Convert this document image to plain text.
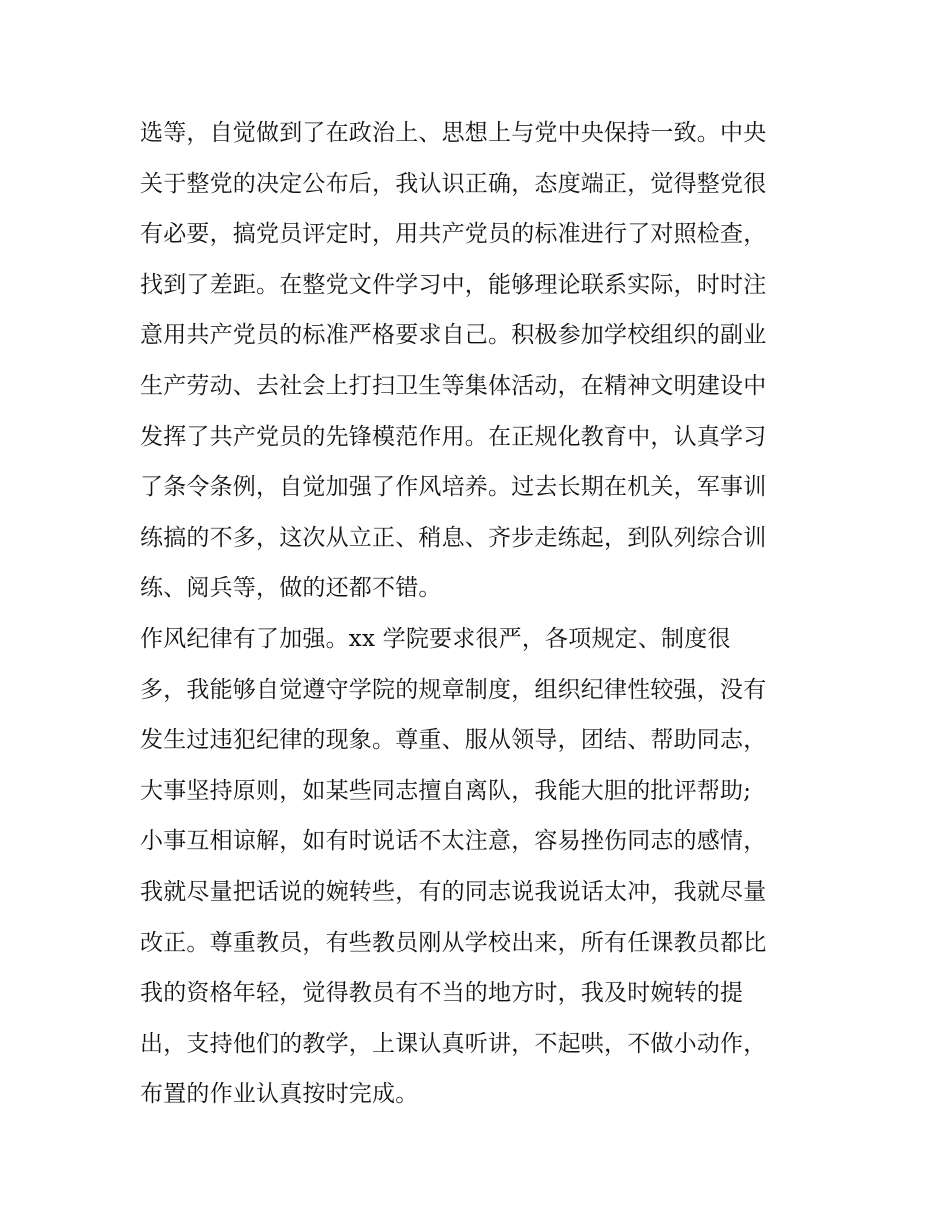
选等，自觉做到了在政治上、思想上与党中央保持一致。中央
关于整党的决定公布后，我认识正确，态度端正，觉得整党很
有必要，搞党员评定时，用共产党员的标准进行了对照检查，
找到了差距。在整党文件学习中，能够理论联系实际，时时注
意用共产党员的标准严格要求自己。积极参加学校组织的副业
生产劳动、去社会上打扫卫生等集体活动，在精神文明建设中
发挥了共产党员的先锋模范作用。在正规化教育中，认真学习
了条令条例，自觉加强了作风培养。过去长期在机关，军事训
练搞的不多，这次从立正、稍息、齐步走练起，到队列综合训
练、阅兵等，做的还都不错。
作风纪律有了加强。xx 学院要求很严，各项规定、制度很
多，我能够自觉遵守学院的规章制度，组织纪律性较强，没有
发生过违犯纪律的现象。尊重、服从领导，团结、帮助同志，
大事坚持原则，如某些同志擅自离队，我能大胆的批评帮助;
小事互相谅解，如有时说话不太注意，容易挫伤同志的感情，
我就尽量把话说的婉转些，有的同志说我说话太冲，我就尽量
改正。尊重教员，有些教员刚从学校出来，所有任课教员都比
我的资格年轻，觉得教员有不当的地方时，我及时婉转的提
出，支持他们的教学，上课认真听讲，不起哄，不做小动作，
布置的作业认真按时完成。
